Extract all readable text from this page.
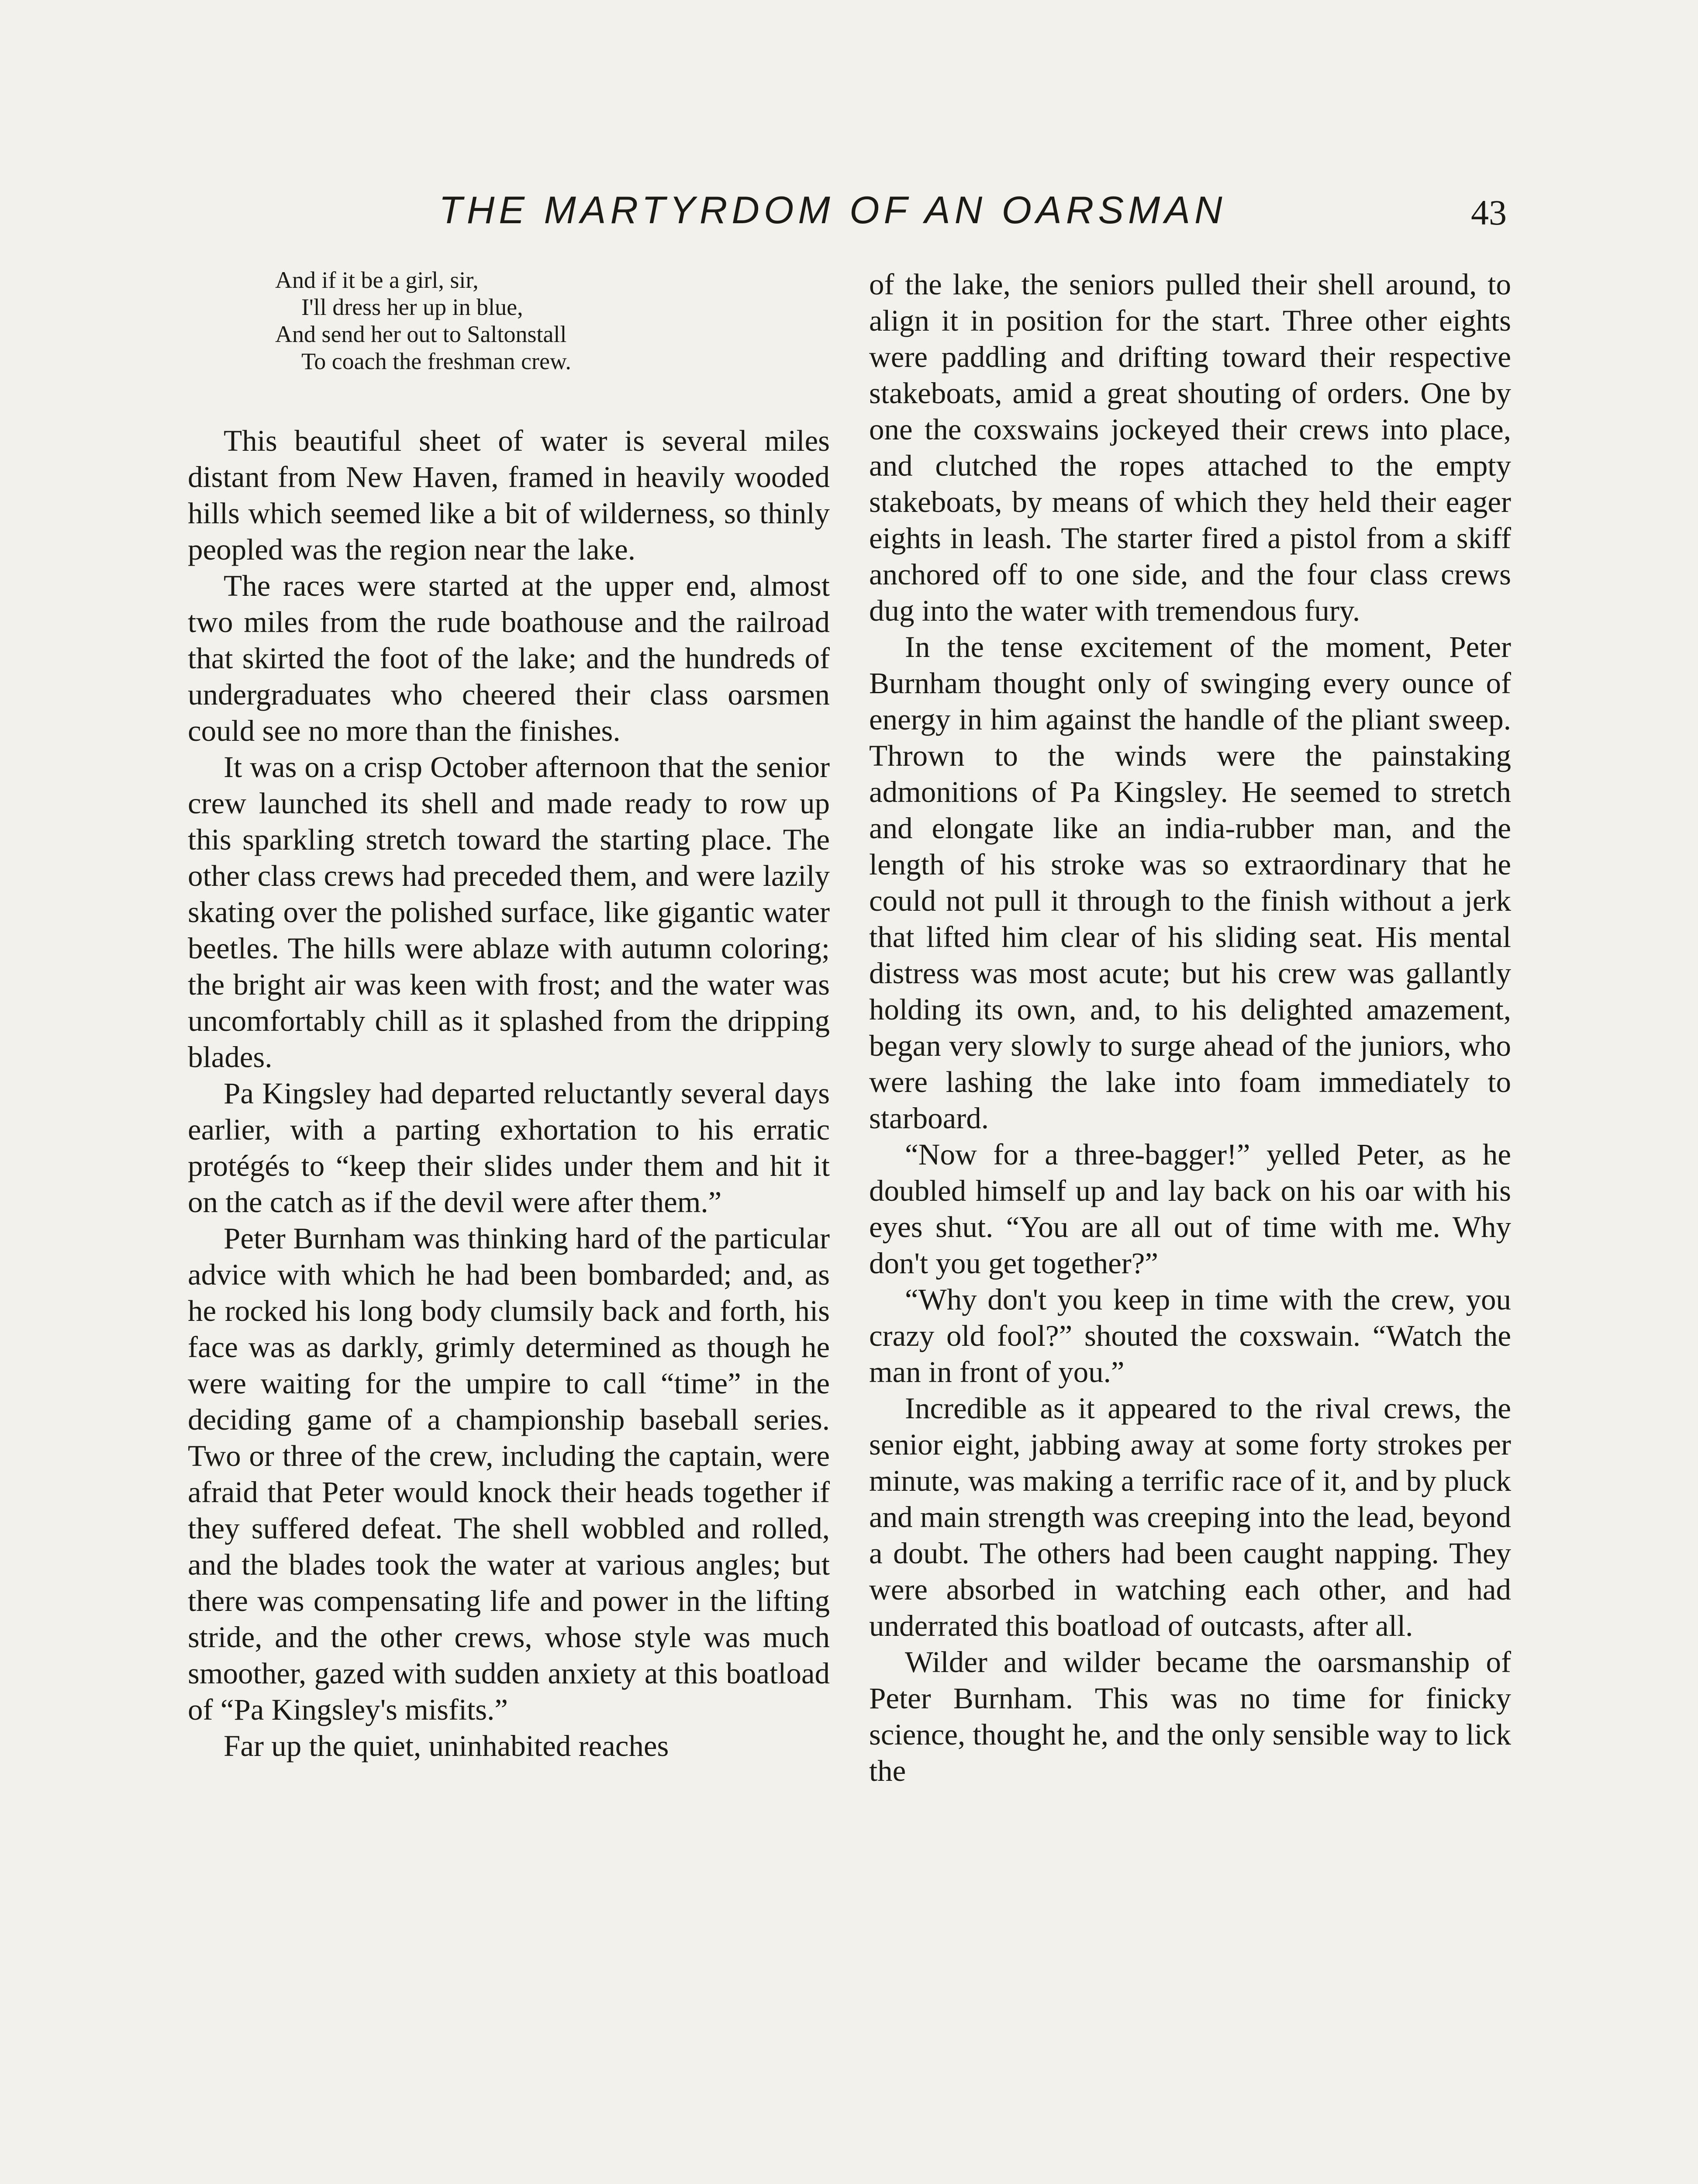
THE MARTYRDOM OF AN OARSMAN	43
And if it be a girl, sir,
I'll dress her up in blue,
And send her out to Saltonstall
To coach the freshman crew.

This beautiful sheet of water is several miles distant from New Haven, framed in heavily wooded hills which seemed like a bit of wilderness, so thinly peopled was the region near the lake.

The races were started at the upper end, almost two miles from the rude boathouse and the railroad that skirted the foot of the lake; and the hundreds of undergraduates who cheered their class oarsmen could see no more than the finishes.

It was on a crisp October afternoon that the senior crew launched its shell and made ready to row up this sparkling stretch toward the starting place. The other class crews had preceded them, and were lazily skating over the polished surface, like gigantic water beetles. The hills were ablaze with autumn coloring; the bright air was keen with frost; and the water was uncomfortably chill as it splashed from the dripping blades.

Pa Kingsley had departed reluctantly several days earlier, with a parting exhortation to his erratic protégés to “keep their slides under them and hit it on the catch as if the devil were after them.”

Peter Burnham was thinking hard of the particular advice with which he had been bombarded; and, as he rocked his long body clumsily back and forth, his face was as darkly, grimly determined as though he were waiting for the umpire to call “time” in the deciding game of a championship baseball series. Two or three of the crew, including the captain, were afraid that Peter would knock their heads together if they suffered defeat. The shell wobbled and rolled, and the blades took the water at various angles; but there was compensating life and power in the lifting stride, and the other crews, whose style was much smoother, gazed with sudden anxiety at this boatload of “Pa Kingsley's misfits.”

Far up the quiet, uninhabited reaches

of the lake, the seniors pulled their shell around, to align it in position for the start. Three other eights were paddling and drifting toward their respective stakeboats, amid a great shouting of orders. One by one the coxswains jockeyed their crews into place, and clutched the ropes attached to the empty stakeboats, by means of which they held their eager eights in leash. The starter fired a pistol from a skiff anchored off to one side, and the four class crews dug into the water with tremendous fury.

In the tense excitement of the moment, Peter Burnham thought only of swinging every ounce of energy in him against the handle of the pliant sweep. Thrown to the winds were the painstaking admonitions of Pa Kingsley. He seemed to stretch and elongate like an india-rubber man, and the length of his stroke was so extraordinary that he could not pull it through to the finish without a jerk that lifted him clear of his sliding seat. His mental distress was most acute; but his crew was gallantly holding its own, and, to his delighted amazement, began very slowly to surge ahead of the juniors, who were lashing the lake into foam immediately to starboard.

“Now for a three-bagger!” yelled Peter, as he doubled himself up and lay back on his oar with his eyes shut. “You are all out of time with me. Why don't you get together?”

“Why don't you keep in time with the crew, you crazy old fool?” shouted the coxswain. “Watch the man in front of you.”

Incredible as it appeared to the rival crews, the senior eight, jabbing away at some forty strokes per minute, was making a terrific race of it, and by pluck and main strength was creeping into the lead, beyond a doubt. The others had been caught napping. They were absorbed in watching each other, and had underrated this boatload of outcasts, after all.

Wilder and wilder became the oarsmanship of Peter Burnham. This was no time for finicky science, thought he, and the only sensible way to lick the
